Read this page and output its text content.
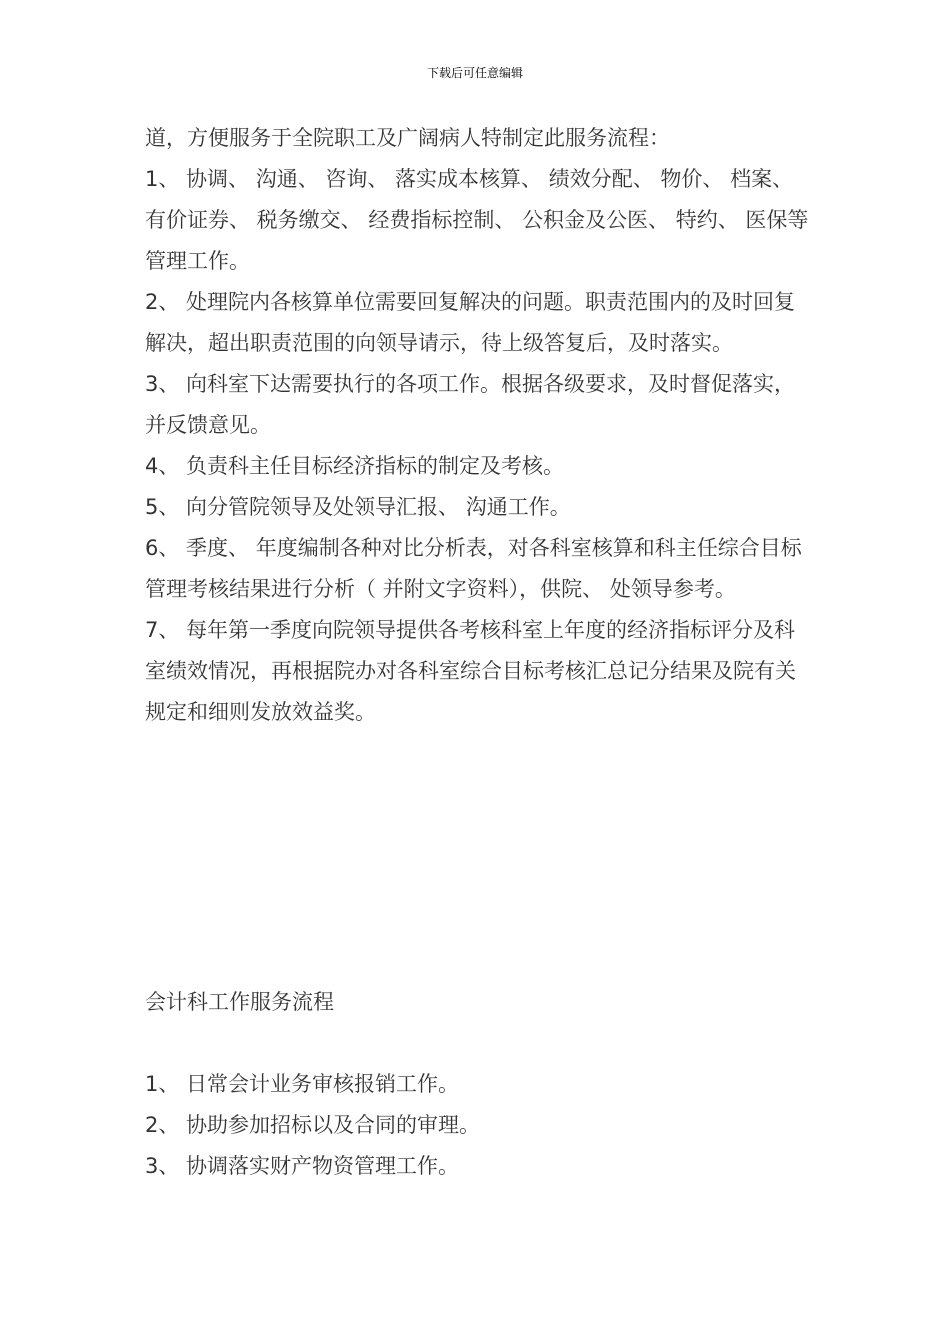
下载后可任意编辑

道，方便服务于全院职工及广阔病人特制定此服务流程：

1、 协调、 沟通、 咨询、 落实成本核算、 绩效分配、 物价、 档案、 有价证券、 税务缴交、 经费指标控制、 公积金及公医、 特约、 医保等管理工作。
2、 处理院内各核算单位需要回复解决的问题。职责范围内的及时回复解决，超出职责范围的向领导请示，待上级答复后，及时落实。
3、 向科室下达需要执行的各项工作。根据各级要求，及时督促落实，并反馈意见。
4、 负责科主任目标经济指标的制定及考核。
5、 向分管院领导及处领导汇报、 沟通工作。
6、 季度、 年度编制各种对比分析表，对各科室核算和科主任综合目标管理考核结果进行分析（ 并附文字资料），供院、 处领导参考。
7、 每年第一季度向院领导提供各考核科室上年度的经济指标评分及科室绩效情况，再根据院办对各科室综合目标考核汇总记分结果及院有关规定和细则发放效益奖。
会计科工作服务流程
1、 日常会计业务审核报销工作。
2、 协助参加招标以及合同的审理。
3、 协调落实财产物资管理工作。
